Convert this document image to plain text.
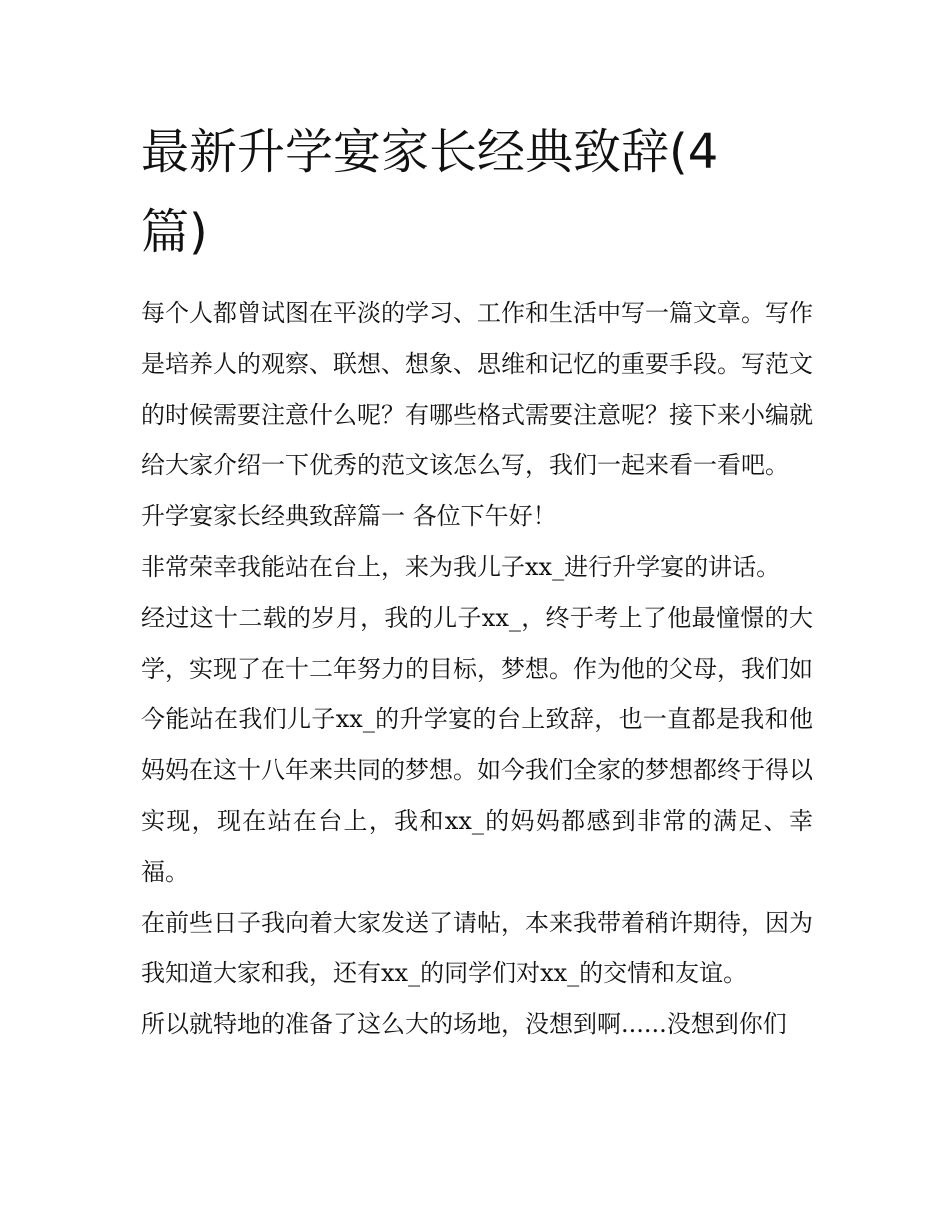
最新升学宴家长经典致辞(4篇)

每个人都曾试图在平淡的学习、工作和生活中写一篇文章。写作是培养人的观察、联想、想象、思维和记忆的重要手段。写范文的时候需要注意什么呢？有哪些格式需要注意呢？接下来小编就给大家介绍一下优秀的范文该怎么写，我们一起来看一看吧。

升学宴家长经典致辞篇一 各位下午好！

非常荣幸我能站在台上，来为我儿子xx_进行升学宴的讲话。

经过这十二载的岁月，我的儿子xx_，终于考上了他最憧憬的大学，实现了在十二年努力的目标，梦想。作为他的父母，我们如今能站在我们儿子xx_的升学宴的台上致辞，也一直都是我和他妈妈在这十八年来共同的梦想。如今我们全家的梦想都终于得以实现，现在站在台上，我和xx_的妈妈都感到非常的满足、幸福。

在前些日子我向着大家发送了请帖，本来我带着稍许期待，因为我知道大家和我，还有xx_的同学们对xx_的交情和友谊。

所以就特地的准备了这么大的场地，没想到啊......没想到你们
